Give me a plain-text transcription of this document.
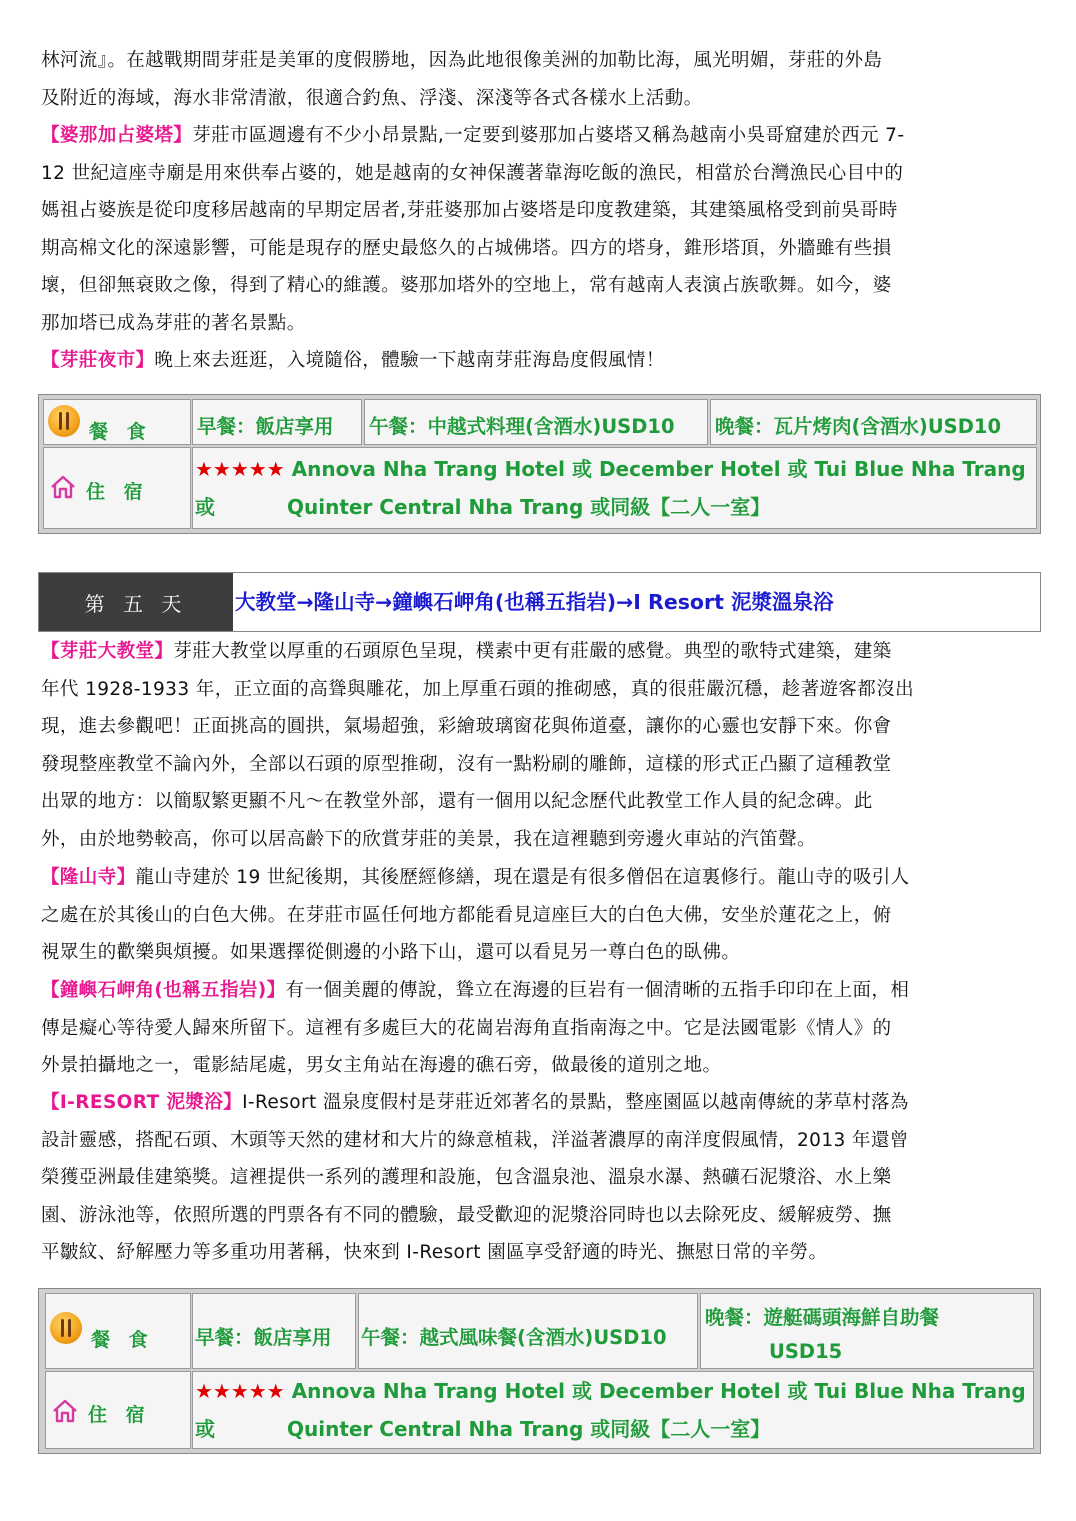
林河流』。在越戰期間芽莊是美軍的度假勝地，因為此地很像美洲的加勒比海，風光明媚，芽莊的外島
及附近的海域，海水非常清澈，很適合釣魚、浮淺、深淺等各式各樣水上活動。
【婆那加占婆塔】芽莊市區週邊有不少小昂景點,一定要到婆那加占婆塔又稱為越南小吳哥窟建於西元 7-
12 世紀這座寺廟是用來供奉占婆的，她是越南的女神保護著靠海吃飯的漁民，相當於台灣漁民心目中的
媽祖占婆族是從印度移居越南的早期定居者,芽莊婆那加占婆塔是印度教建築，其建築風格受到前吳哥時
期高棉文化的深遠影響，可能是現存的歷史最悠久的占城佛塔。四方的塔身，錐形塔頂，外牆雖有些損
壞，但卻無衰敗之像，得到了精心的維護。婆那加塔外的空地上，常有越南人表演占族歌舞。如今，婆
那加塔已成為芽莊的著名景點。
【芽莊夜市】晚上來去逛逛，入境隨俗，體驗一下越南芽莊海島度假風情！
餐 食 早餐：飯店享用 午餐：中越式料理(含酒水)USD10 晚餐：瓦片烤肉(含酒水)USD10
住 宿
★★★★★ Annova Nha Trang Hotel 或 December Hotel 或 Tui Blue Nha Trang 或	Quinter Central Nha Trang 或同級【二人一室】
第 五 天	大教堂→隆山寺→鐘嶼石岬角(也稱五指岩)→I Resort 泥漿溫泉浴
【芽莊大教堂】芽莊大教堂以厚重的石頭原色呈現，樸素中更有莊嚴的感覺。典型的歌特式建築，建築
年代 1928-1933 年，正立面的高聳與雕花，加上厚重石頭的推砌感，真的很莊嚴沉穩，趁著遊客都沒出
現，進去參觀吧！正面挑高的圓拱，氣場超強，彩繪玻璃窗花與佈道臺，讓你的心靈也安靜下來。你會
發現整座教堂不論內外，全部以石頭的原型推砌，沒有一點粉刷的雕飾，這樣的形式正凸顯了這種教堂
出眾的地方：以簡馭繁更顯不凡～在教堂外部，還有一個用以紀念歷代此教堂工作人員的紀念碑。此
外，由於地勢較高，你可以居高齡下的欣賞芽莊的美景，我在這裡聽到旁邊火車站的汽笛聲。
【隆山寺】龍山寺建於 19 世紀後期，其後歷經修繕，現在還是有很多僧侶在這裏修行。龍山寺的吸引人
之處在於其後山的白色大佛。在芽莊市區任何地方都能看見這座巨大的白色大佛，安坐於蓮花之上，俯
視眾生的歡樂與煩擾。如果選擇從側邊的小路下山，還可以看見另一尊白色的臥佛。
【鐘嶼石岬角(也稱五指岩)】有一個美麗的傳說，聳立在海邊的巨岩有一個清晰的五指手印印在上面，相
傳是癡心等待愛人歸來所留下。這裡有多處巨大的花崗岩海角直指南海之中。它是法國電影《情人》的
外景拍攝地之一，電影結尾處，男女主角站在海邊的礁石旁，做最後的道別之地。
【I-RESORT 泥漿浴】I-Resort 溫泉度假村是芽莊近郊著名的景點，整座園區以越南傳統的茅草村落為
設計靈感，搭配石頭、木頭等天然的建材和大片的綠意植栽，洋溢著濃厚的南洋度假風情，2013 年還曾
榮獲亞洲最佳建築獎。這裡提供一系列的護理和設施，包含溫泉池、溫泉水瀑、熱礦石泥漿浴、水上樂
園、游泳池等，依照所選的門票各有不同的體驗，最受歡迎的泥漿浴同時也以去除死皮、緩解疲勞、撫
平皺紋、紓解壓力等多重功用著稱，快來到 I-Resort 園區享受舒適的時光、撫慰日常的辛勞。
餐 食 早餐：飯店享用 午餐：越式風味餐(含酒水)USD10
晚餐：遊艇碼頭海鮮自助餐
USD15
住 宿
★★★★★ Annova Nha Trang Hotel 或 December Hotel 或 Tui Blue Nha Trang 或	Quinter Central Nha Trang 或同級【二人一室】
